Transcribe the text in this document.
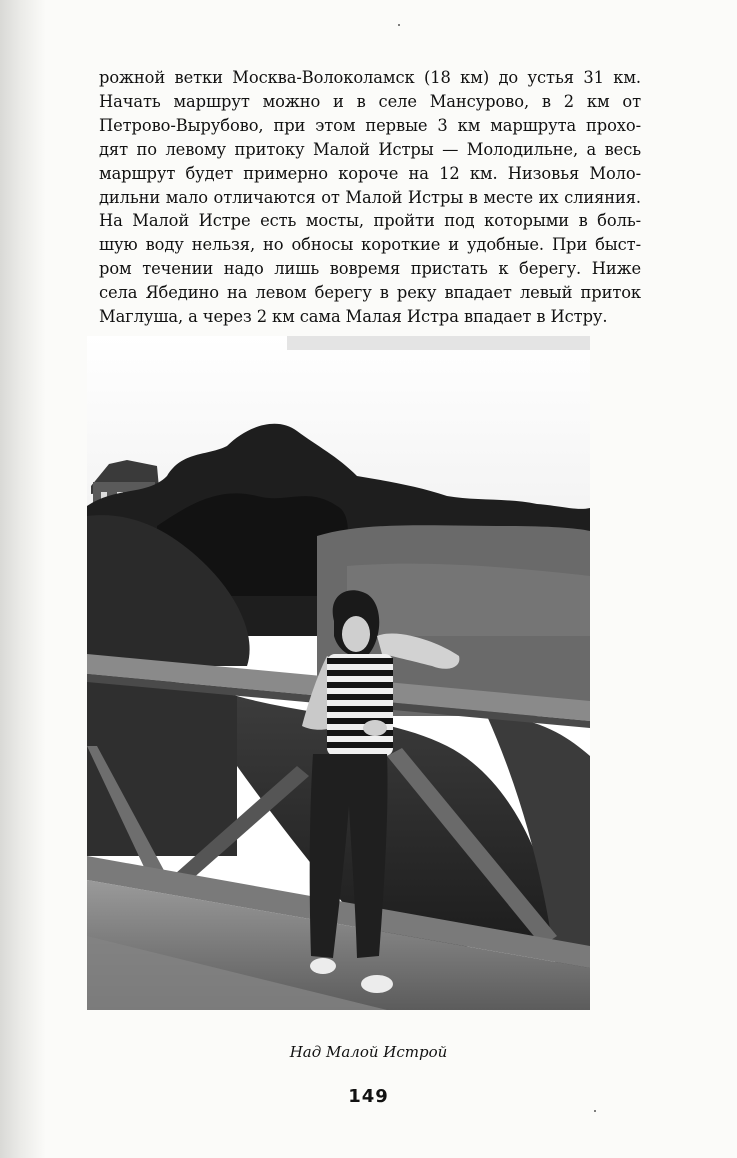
рожной ветки Москва-Волоколамск (18 км) до устья 31 км.
Начать маршрут можно и в селе Мансурово, в 2 км от
Петрово-Вырубово, при этом первые 3 км маршрута прохо-
дят по левому притоку Малой Истры — Молодильне, а весь
маршрут будет примерно короче на 12 км. Низовья Моло-
дильни мало отличаются от Малой Истры в месте их слияния.
На Малой Истре есть мосты, пройти под которыми в боль-
шую воду нельзя, но обносы короткие и удобные. При быст-
ром течении надо лишь вовремя пристать к берегу. Ниже
села Ябедино на левом берегу в реку впадает левый приток
Маглуша, а через 2 км сама Малая Истра впадает в Истру.
Над Малой Истрой
149
